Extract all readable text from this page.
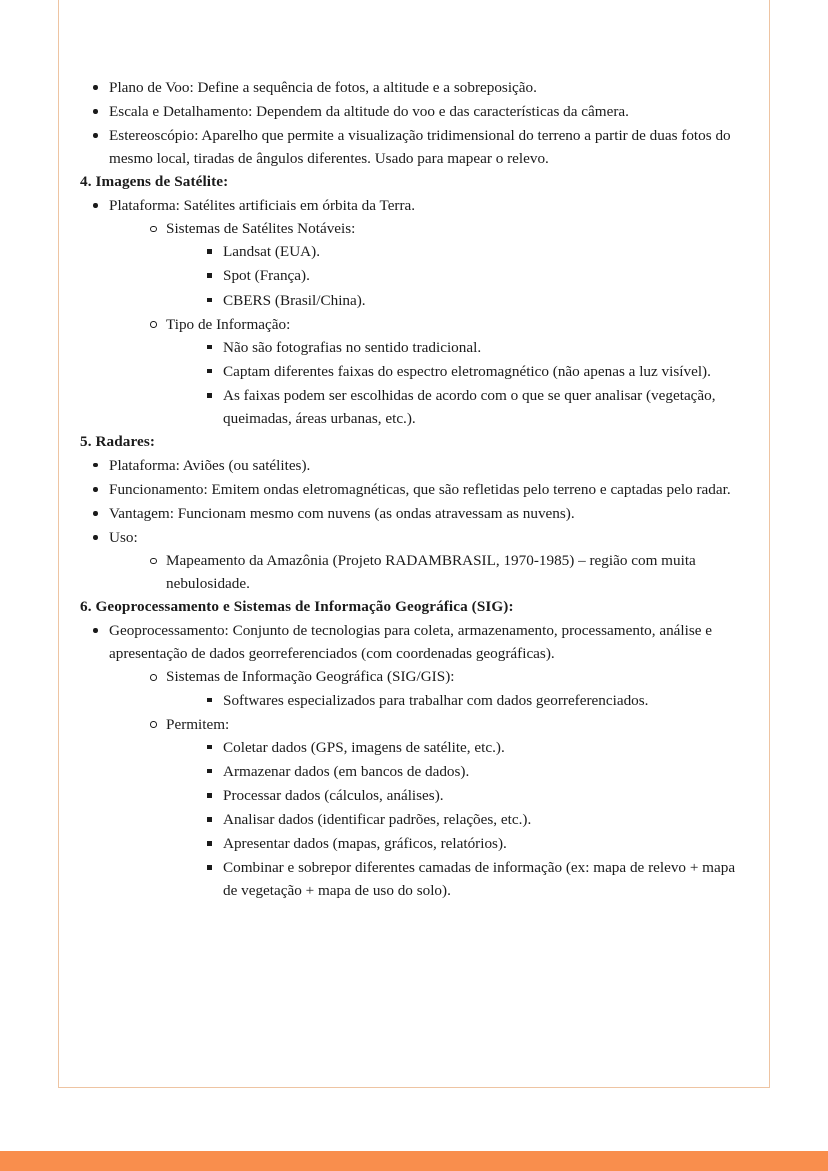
Plano de Voo: Define a sequência de fotos, a altitude e a sobreposição.
Escala e Detalhamento: Dependem da altitude do voo e das características da câmera.
Estereoscópio: Aparelho que permite a visualização tridimensional do terreno a partir de duas fotos do mesmo local, tiradas de ângulos diferentes. Usado para mapear o relevo.
4. Imagens de Satélite:
Plataforma: Satélites artificiais em órbita da Terra.
Sistemas de Satélites Notáveis:
Landsat (EUA).
Spot (França).
CBERS (Brasil/China).
Tipo de Informação:
Não são fotografias no sentido tradicional.
Captam diferentes faixas do espectro eletromagnético (não apenas a luz visível).
As faixas podem ser escolhidas de acordo com o que se quer analisar (vegetação, queimadas, áreas urbanas, etc.).
5. Radares:
Plataforma: Aviões (ou satélites).
Funcionamento: Emitem ondas eletromagnéticas, que são refletidas pelo terreno e captadas pelo radar.
Vantagem: Funcionam mesmo com nuvens (as ondas atravessam as nuvens).
Uso:
Mapeamento da Amazônia (Projeto RADAMBRASIL, 1970-1985) – região com muita nebulosidade.
6. Geoprocessamento e Sistemas de Informação Geográfica (SIG):
Geoprocessamento: Conjunto de tecnologias para coleta, armazenamento, processamento, análise e apresentação de dados georreferenciados (com coordenadas geográficas).
Sistemas de Informação Geográfica (SIG/GIS):
Softwares especializados para trabalhar com dados georreferenciados.
Permitem:
Coletar dados (GPS, imagens de satélite, etc.).
Armazenar dados (em bancos de dados).
Processar dados (cálculos, análises).
Analisar dados (identificar padrões, relações, etc.).
Apresentar dados (mapas, gráficos, relatórios).
Combinar e sobrepor diferentes camadas de informação (ex: mapa de relevo + mapa de vegetação + mapa de uso do solo).
